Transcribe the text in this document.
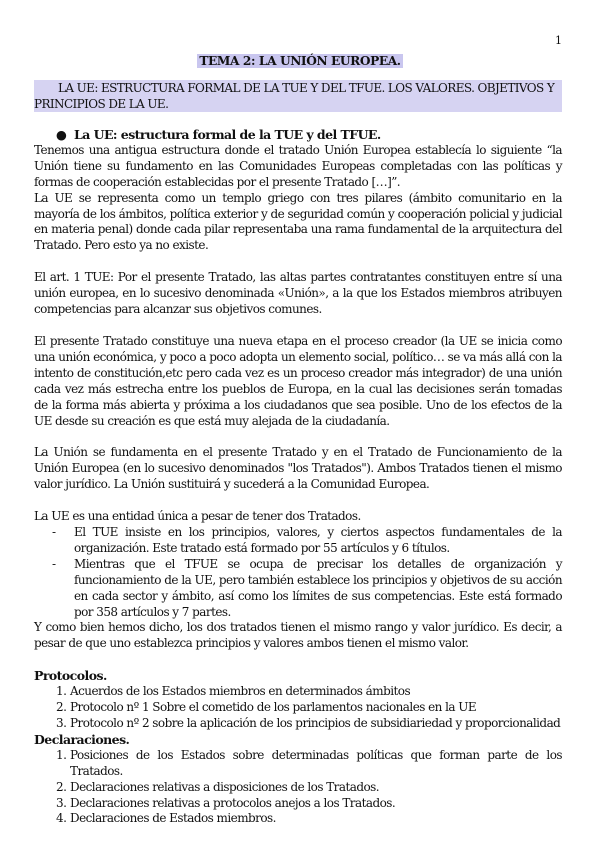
1
TEMA 2: LA UNIÓN EUROPEA.
LA UE: ESTRUCTURA FORMAL DE LA TUE Y DEL TFUE. LOS VALORES. OBJETIVOS Y PRINCIPIOS DE LA UE.
● La UE: estructura formal de la TUE y del TFUE.

Tenemos una antigua estructura donde el tratado Unión Europea establecía lo siguiente “la Unión tiene su fundamento en las Comunidades Europeas completadas con las políticas y formas de cooperación establecidas por el presente Tratado […]”.

La UE se representa como un templo griego con tres pilares (ámbito comunitario en la mayoría de los ámbitos, política exterior y de seguridad común y cooperación policial y judicial en materia penal) donde cada pilar representaba una rama fundamental de la arquitectura del Tratado. Pero esto ya no existe.

El art. 1 TUE: Por el presente Tratado, las altas partes contratantes constituyen entre sí una unión europea, en lo sucesivo denominada «Unión», a la que los Estados miembros atribuyen competencias para alcanzar sus objetivos comunes.

El presente Tratado constituye una nueva etapa en el proceso creador (la UE se inicia como una unión económica, y poco a poco adopta un elemento social, político… se va más allá con la intento de constitución,etc pero cada vez es un proceso creador más integrador) de una unión cada vez más estrecha entre los pueblos de Europa, en la cual las decisiones serán tomadas de la forma más abierta y próxima a los ciudadanos que sea posible. Uno de los efectos de la UE desde su creación es que está muy alejada de la ciudadanía.

La Unión se fundamenta en el presente Tratado y en el Tratado de Funcionamiento de la Unión Europea (en lo sucesivo denominados "los Tratados"). Ambos Tratados tienen el mismo valor jurídico. La Unión sustituirá y sucederá a la Comunidad Europea.

La UE es una entidad única a pesar de tener dos Tratados.

- El TUE insiste en los principios, valores, y ciertos aspectos fundamentales de la organización. Este tratado está formado por 55 artículos y 6 títulos.
- Mientras que el TFUE se ocupa de precisar los detalles de organización y funcionamiento de la UE, pero también establece los principios y objetivos de su acción en cada sector y ámbito, así como los límites de sus competencias. Este está formado por 358 artículos y 7 partes.

Y como bien hemos dicho, los dos tratados tienen el mismo rango y valor jurídico. Es decir, a pesar de que uno establezca principios y valores ambos tienen el mismo valor.

Protocolos.
1. Acuerdos de los Estados miembros en determinados ámbitos
2. Protocolo nº 1 Sobre el cometido de los parlamentos nacionales en la UE
3. Protocolo nº 2 sobre la aplicación de los principios de subsidiariedad y proporcionalidad
Declaraciones.
1. Posiciones de los Estados sobre determinadas políticas que forman parte de los Tratados.
2. Declaraciones relativas a disposiciones de los Tratados.
3. Declaraciones relativas a protocolos anejos a los Tratados.
4. Declaraciones de Estados miembros.
